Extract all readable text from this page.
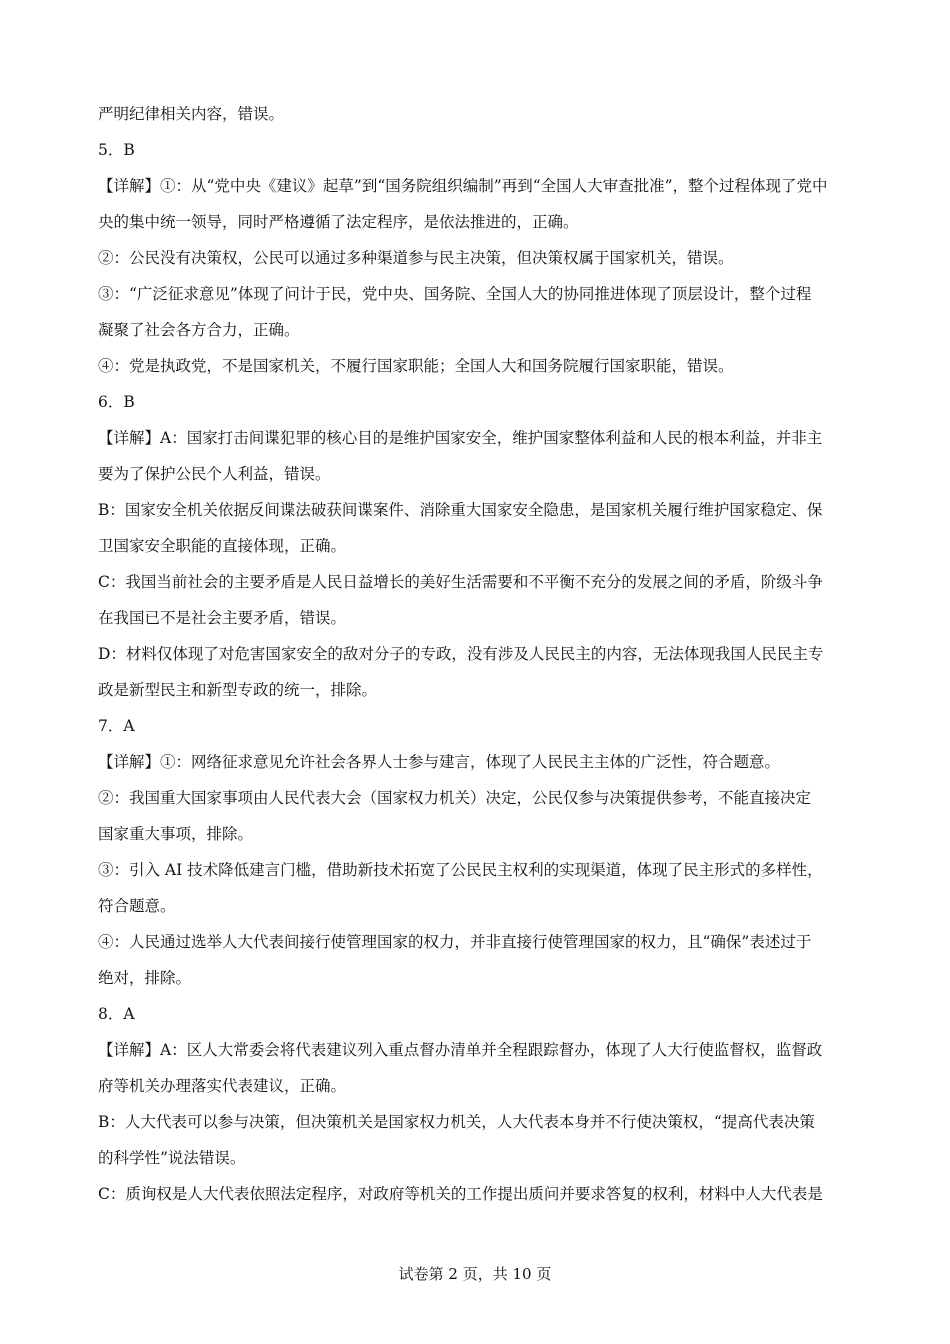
严明纪律相关内容，错误。
5．B
【详解】①：从“党中央《建议》起草”到“国务院组织编制”再到“全国人大审查批准”，整个过程体现了党中
央的集中统一领导，同时严格遵循了法定程序，是依法推进的，正确。
②：公民没有决策权，公民可以通过多种渠道参与民主决策，但决策权属于国家机关，错误。
③：“广泛征求意见”体现了问计于民，党中央、国务院、全国人大的协同推进体现了顶层设计，整个过程
凝聚了社会各方合力，正确。
④：党是执政党，不是国家机关，不履行国家职能；全国人大和国务院履行国家职能，错误。
6．B
【详解】A：国家打击间谍犯罪的核心目的是维护国家安全，维护国家整体利益和人民的根本利益，并非主
要为了保护公民个人利益，错误。
B：国家安全机关依据反间谍法破获间谍案件、消除重大国家安全隐患，是国家机关履行维护国家稳定、保
卫国家安全职能的直接体现，正确。
C：我国当前社会的主要矛盾是人民日益增长的美好生活需要和不平衡不充分的发展之间的矛盾，阶级斗争
在我国已不是社会主要矛盾，错误。
D：材料仅体现了对危害国家安全的敌对分子的专政，没有涉及人民民主的内容，无法体现我国人民民主专
政是新型民主和新型专政的统一，排除。
7．A
【详解】①：网络征求意见允许社会各界人士参与建言，体现了人民民主主体的广泛性，符合题意。
②：我国重大国家事项由人民代表大会（国家权力机关）决定，公民仅参与决策提供参考，不能直接决定
国家重大事项，排除。
③：引入 AI 技术降低建言门槛，借助新技术拓宽了公民民主权利的实现渠道，体现了民主形式的多样性，
符合题意。
④：人民通过选举人大代表间接行使管理国家的权力，并非直接行使管理国家的权力，且“确保”表述过于
绝对，排除。
8．A
【详解】A：区人大常委会将代表建议列入重点督办清单并全程跟踪督办，体现了人大行使监督权，监督政
府等机关办理落实代表建议，正确。
B：人大代表可以参与决策，但决策机关是国家权力机关，人大代表本身并不行使决策权，“提高代表决策
的科学性”说法错误。
C：质询权是人大代表依照法定程序，对政府等机关的工作提出质问并要求答复的权利，材料中人大代表是
试卷第 2 页，共 10 页
